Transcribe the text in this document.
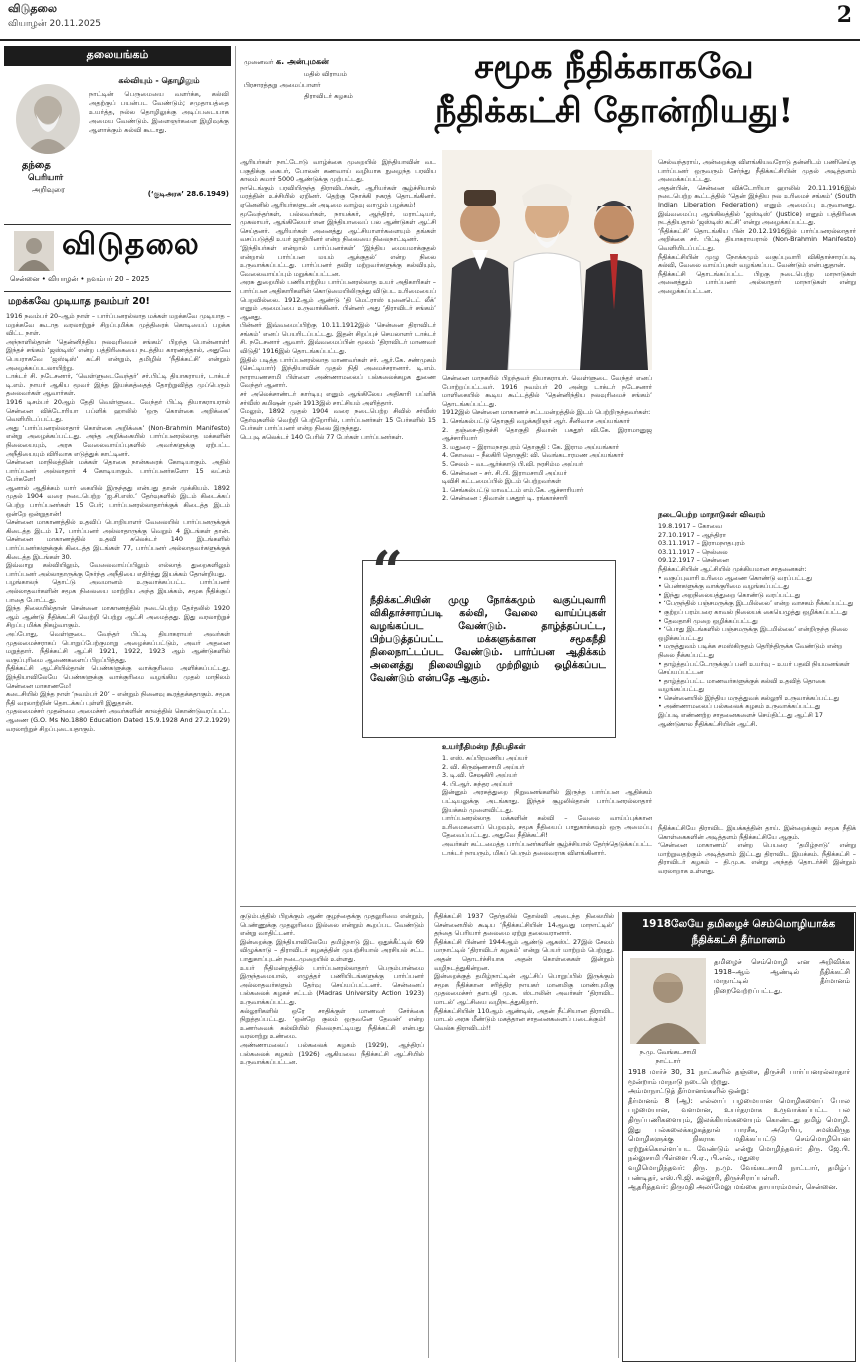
விடுதலை
வியாழன் 20.11.2025	2
தலையங்கம்
தந்தை
பெரியார்
அறிவுரை
கல்வியும் - தொழிலும்
நாட்டின் பெருமையை வளர்க்க, கல்வி அதற்குப் பயன்பட வேண்டும்; சமுதாயத்தை உயர்த்த, நல்ல தொழிலுக்கு அடிப்படையாக அமைய வேண்டும். இளைஞர்களை இழிவுக்கு ஆளாக்கும் கல்வி கூடாது.
(‘குடிஅரசு’ 28.6.1949)
விடுதலை
சென்னை • வியாழன் • நவம்பர் 20 – 2025
மறக்கவே முடியாத நவம்பர் 20!
1916 நவம்பர் 20–ஆம் நாள் – பார்ப்பனரல்லாத மக்கள் மறக்கவே முடியாத – மறக்கவே கூடாத வரலாற்றுச் சிறப்புமிக்க முத்திரைக் கொடியைப் பறக்க விட்ட நாள்.
அந்நாளில்தான் ‘தென்னிந்திய நலவுரிமைச் சங்கம்’ பிறந்த பொன்னாள்! இந்தச் சங்கம் ‘ஜஸ்டிஸ்’ என்ற பத்திரிகையை நடத்திய காரணத்தால், அதுவே பெயராகவே ‘ஜஸ்டிஸ்’ கட்சி என்றும், தமிழில் ‘நீதிக்கட்சி’ என்றும் அழைக்கப்படலாயிற்று.
டாக்டர் சி. நடேசனார், ‘வெள்ளுடைவேந்தர்’ சர்.பிட்டி தியாகராயர், டாக்டர் டி.எம். நாயர் ஆகிய மூவர் இந்த இயக்கத்தைத் தோற்றுவித்த முப்பெரும் தலைவர்கள் ஆவார்கள்.
1916 டிசம்பர் 20ஆம் தேதி வெள்ளுடை வேந்தர் பிட்டி தியாகராயரால் சென்னை விக்டோரியா பப்ளிக் ஹாலில் ‘ஒரு கொள்கை அறிக்கை’ வெளியிடப்பட்டது.
அது ‘பார்ப்பனரல்லாதார் கொள்கை அறிக்கை’ (Non-Brahmin Manifesto) என்று அழைக்கப்பட்டது. அந்த அறிக்கையில் பார்ப்பனரல்லாத மக்களின் நிலையையும், அரசு வேலைவாய்ப்புகளில் அவர்களுக்கு ஏற்பட்ட அநீதியையும் விரிவாக எடுத்துக் காட்டினர்.
சென்னை மாநிலத்தின் மக்கள் தொகை நான்கரைக் கோடியாகும். அதில் பார்ப்பனர் அல்லாதார் 4 கோடியாகும். பார்ப்பனர்களோ 15 லட்சம் பேர்களே!
ஆனால் ஆதிக்கம் யார் கையில் இருந்தது என்பது தான் முக்கியம். 1892 முதல் 1904 வரை நடைபெற்ற ‘ஐ.சி.எஸ்.’ தேர்வுகளில் இடம் கிடைக்கப் பெற்ற பார்ப்பனர்கள் 15 பேர்; பார்ப்பனரல்லாதார்க்குக் கிடைத்த இடம் ஒன்றே ஒன்றுதான்!
சென்னை மாகாணத்தில் உதவிப் பொறியாளர் வேலையில் பார்ப்பனருக்குக் கிடைத்த இடம் 17, பார்ப்பனர் அல்லாதாருக்கு வெறும் 4 இடங்கள் தான். சென்னை மாகாணத்தில் உதவி கலெக்டர் 140 இடங்களில் பார்ப்பனர்களுக்குக் கிடைத்த இடங்கள் 77, பார்ப்பனர் அல்லாதவர்களுக்குக் கிடைத்த இடங்கள் 30.
இவ்வாறு கல்வியிலும், வேலைவாய்ப்பிலும் எல்லாத் துறைகளிலும் பார்ப்பனர் அல்லாதாருக்கு நேர்ந்த அநீதியை எதிர்த்து இயக்கம் தோன்றியது.
பழங்காலந் தொட்டு அவமானம் உருவாக்கப்பட்ட பார்ப்பனர் அல்லாதவர்களின் சமூக நிலையை மாற்றிய அந்த இயக்கம், சமூக நீதிக்குப் பாதை போட்டது.
இந்த நிலையில்தான் சென்னை மாகாணத்தில் நடைபெற்ற தேர்தலில் 1920 ஆம் ஆண்டு நீதிக்கட்சி வெற்றி பெற்று ஆட்சி அமைத்தது. இது வரலாற்றுச் சிறப்பு மிக்க நிகழ்வாகும்.
அப்போது, வெள்ளுடை வேந்தர் பிட்டி தியாகராயர் அவர்கள் முதலமைச்சராகப் பொறுப்பேற்குமாறு அழைக்கப்பட்டும், அவர் அதனை மறுத்தார். நீதிக்கட்சி ஆட்சி 1921, 1922, 1923 ஆம் ஆண்டுகளில் வகுப்புரிமை ஆணைகளைப் பிறப்பித்தது.
நீதிக்கட்சி ஆட்சியில்தான் பெண்களுக்கு வாக்குரிமை அளிக்கப்பட்டது. இந்தியாவிலேயே பெண்களுக்கு வாக்குரிமை வழங்கிய முதல் மாநிலம் சென்னை மாகாணமே!
கடைசியில் இந்த நாள் ‘நவம்பர் 20’ – என்றும் நினைவு கூரத்தக்கதாகும். சமூக நீதி வரலாற்றின் தொடக்கப் புள்ளி இதுதான்.
முதலமைச்சர் முதன்மை அமைச்சர் அவர்களின் காலத்தில் கொண்டுவரப்பட்ட ஆணை (G.O. Ms No.1880 Education Dated 15.9.1928 And 27.2.1929) வரலாற்றுச் சிறப்புடையதாகும்.
முனைவர் க. அன்புமகன்
மதில் விராயம்
பிரசாரத்தறு அமைப்பாளர்
திராவிடர் கழகம்
சமூக நீதிக்காகவே
நீதிக்கட்சி தோன்றியது!
ஆரியர்கள் நாட்டோடு வாழ்க்கை முறையில் இந்தியாவின் வட பகுதிக்கு கைபர், போலன் கணவாய் வழியாக நுழைந்த பரவிய காலம் சுமார் 5000 ஆண்டுக்கு முற்பட்டது.
நாடெங்கும் பரவியிருந்த திராவிடர்கள், ஆரியர்கள் சூழ்ச்சியால் மரத்தின் உச்சியில் ஏறினர். தெற்கு நோக்கி நகரத் தொடங்கினர். ஏனெனில் ஆரியர்களுடன் அடிமை வாழ்வு வாழும் பழக்கம்!
மூவேந்தர்கள், பல்லவர்கள், நாயக்கர், ஆந்திரர், மராட்டியர், முகலாயர், ஆங்கிலேயர் என இந்தியாவைப் பல ஆண்டுகள் ஆட்சி செய்தனர். ஆரியர்கள் அனைத்து ஆட்சியாளர்களையும் தங்கள் வசப்படுத்தி உயர் ஜாதியினர் என்ற நிலையை நிலைநாட்டினர்.
‘இந்தியர்கள் என்றால் பார்ப்பனர்கள்’ ‘இந்திய மையமாக்குதல் என்றால் பார்ப்பன மயம் ஆக்குதல்’ என்ற நிலை உருவாக்கப்பட்டது. பார்ப்பனர் தவிர மற்றவர்களுக்கு கல்வியும், வேலைவாய்ப்பும் மறுக்கப்பட்டன.
அரசு துறையில் பணியாற்றிய பார்ப்பனரல்லாத உயர் அதிகாரிகள் – பார்ப்பன அதிகாரிகளின் கொடுமையிலிருந்து விடுபட உரிமையைப் பெறவில்லை. 1912ஆம் ஆண்டு ‘தி மெட்ராஸ் யுனைடெட் லீக்’ எனும் அமைப்பை உருவாக்கினர். பின்னர் அது ‘திராவிடர் சங்கம்’ ஆனது.
பின்னர் இவ்வமைப்பிற்கு 10.11.1912இல் ‘சென்னை திராவிடர் சங்கம்’ எனப் பெயரிடப்பட்டது. இதன் சிறப்புச் செயலாளர் டாக்டர் சி. நடேசனார் ஆவார். இவ்வமைப்பின் மூலம் ‘திராவிடர் மாணவர் விடுதி’ 1916இல் தொடங்கப்பட்டது.
இதில் படித்த பார்ப்பனரல்லாத மாணவர்கள் சர். ஆர்.கே. சண்முகம் (செட்டியார்) இந்தியாவின் முதல் நிதி அமைச்சரானார். டி.எம். நாராயணசாமி பிள்ளை அண்ணாமலைப் பல்கலைக்கழக துணை வேந்தர் ஆனார்.
சர் அலெக்சாண்டர் கார்டியு எனும் ஆங்கிலேய அதிகாரி பப்ளிக் சர்வீஸ் கமிஷன் முன் 1913இல் சாட்சியம் அளித்தார்.
மேலும், 1892 முதல் 1904 வரை நடைபெற்ற சிவில் சர்வீஸ் தேர்வுகளில் வெற்றி பெற்றோரில், பார்ப்பனர்கள் 15 பேர்களில் 15 பேர்கள் பார்ப்பனர் என்ற நிலை இருந்தது.
டெபுடி கலெக்டர் 140 பேரில் 77 பேர்கள் பார்ப்பனர்கள்.
சென்னை மாநகரில் பிறந்தவர் தியாகராயர். வெள்ளுடை வேந்தர் எனப் போற்றப்பட்டவர். 1916 நவம்பர் 20 அன்று டாக்டர் நடேசனார் மாளிகையில் கூடிய கூட்டத்தில் ‘தென்னிந்திய நலவுரிமைச் சங்கம்’ தொடங்கப்பட்டது.
1912இல் சென்னை மாகாணச் சட்டமன்றத்தில் இடம் பெற்றிருந்தவர்கள்:
1. செங்கல்பட்டு தொகுதி வழக்கறிஞர் ஆர். சீனிவாச அய்யங்கார்
2. தஞ்சை-திருச்சி தொகுதி திவான் பகதூர் வி.கே. இராமானுஜ ஆச்சாரியார்
3. மதுரை – இராமநாதபுரம் தொகுதி : கே. இராம அய்யங்கார்
4. கோவை – நீலகிரி தொகுதி: வி. வெங்கடாரமண அய்யங்கார்
5. சேலம் – வடஆர்க்காடு பி.வி. நரசிம்ம அய்யர்
6. சென்னை – சர். சி.பி. இராமசாமி அய்யர்
டிவிசி கட்டமைப்பில் இடம் பெற்றவர்கள்
1. செங்கல்பட்டு மாவட்டம் எம்.கே. ஆச்சாரியார்
2. சென்னை : திவான் பகதூர் டி. ரங்காச்சாரி
“
நீதிக்கட்சியின் முழு நோக்கமும் வகுப்புவாரி விகிதாச்சாரப்படி கல்வி, வேலை வாய்ப்புகள் வழங்கப்பட வேண்டும். தாழ்த்தப்பட்ட, பிற்படுத்தப்பட்ட மக்களுக்கான சமூகநீதி நிலைநாட்டப்பட வேண்டும். பார்ப்பன ஆதிக்கம் அனைத்து நிலையிலும் முற்றிலும் ஒழிக்கப்பட வேண்டும் என்பதே ஆகும்.
உயர்நீதிமன்ற நீதிபதிகள்
1. எஸ். சுப்பிரமணிய அய்யர்
2. வி. கிருஷ்ணசாமி அய்யர்
3. டி.வி. சேஷகிரி அய்யர்
4. பி.ஆர். சுந்தர அய்யர்
இன்னும் அரசுத்துறை நிறுவனங்களில் இருந்த பார்ப்பன ஆதிக்கம் பட்டியலுக்கு அடங்காது. இந்தச் சூழலில்தான் பார்ப்பனரல்லாதார் இயக்கம் முளைவிட்டது.
பார்ப்பனரல்லாத மக்களின் கல்வி – வேலை வாய்ப்புக்கான உரிமைகளைப் பெறவும், சமூக நீதியைப் பாதுகாக்கவும் ஒரு அமைப்பு தேவைப்பட்டது. அதுவே நீதிக்கட்சி!
அவர்கள் கட்டமைத்த பார்ப்பனர்களின் சூழ்ச்சியால் தேர்ந்தெடுக்கப்பட்ட டாக்டர் நாயரும், மிகப் பெரும் தலைவராக விளங்கினார்.
செல்வந்தராய், அன்றைக்கு விளங்கியவரோடு தன்னிடம் பணிசெய்த பார்ப்பனர் ஒருவரும் சேர்ந்து நீதிக்கட்சியின் முதல் அடித்தளம் அமைக்கப்பட்டது.
அதன்பின், சென்னை விக்டோரியா ஹாலில் 20.11.1916இல் நடைபெற்ற கூட்டத்தில் ‘தென் இந்திய நல உரிமைச் சங்கம்’ (South Indian Liberation Federation) எனும் அமைப்பு உருவானது. இவ்வமைப்பு ஆங்கிலத்தில் ‘ஜஸ்டிஸ்’ (Justice) எனும் பத்திரிகை நடத்தியதால் ‘ஜஸ்டிஸ் கட்சி’ என்று அழைக்கப்பட்டது.
‘நீதிக்கட்சி’ தொடங்கிய பின் 20.12.1916இல் பார்ப்பனரல்லாதார் அறிக்கை சர். பிட்டி தியாகராயரால் (Non-Brahmin Manifesto) வெளியிடப்பட்டது.
நீதிக்கட்சியின் முழு நோக்கமும் வகுப்புவாரி விகிதாச்சாரப்படி கல்வி, வேலை வாய்ப்புகள் வழங்கப்பட வேண்டும் என்பதுதான்.
நீதிக்கட்சி தொடங்கப்பட்ட பிறகு நடைபெற்ற மாநாடுகள் அனைத்தும் பார்ப்பனர் அல்லாதார் மாநாடுகள் என்று அழைக்கப்பட்டன.
நடைபெற்ற மாநாடுகள் விவரம்
19.8.1917 – கோவை
27.10.1917 – ஆந்திரா
03.11.1917 – இராமநாதபுரம்
03.11.1917 – நெல்லை
09.12.1917 – சென்னை
நீதிக்கட்சியின் ஆட்சியில் முக்கியமான சாதனைகள்:
• வகுப்புவாரி உரிமை ஆணை கொண்டு வரப்பட்டது
• பெண்களுக்கு வாக்குரிமை வழங்கப்பட்டது
• இந்து அறநிலையத்துறை கொண்டு வரப்பட்டது
• ‘பேருந்தில் பஞ்சமருக்கு இடமில்லை’ என்ற வாசகம் நீக்கப்பட்டது
• குற்றப் பரம்பரை காவல் நிலையக் கையெழுத்து ஒழிக்கப்பட்டது
• தேவதாசி முறை ஒழிக்கப்பட்டது
• ‘பொது இடங்களில் பஞ்சமருக்கு இடமில்லை’ என்றிருந்த நிலை ஒழிக்கப்பட்டது
• மருத்துவம் படிக்க சமஸ்கிருதம் தெரிந்திருக்க வேண்டும் என்ற நிலை நீக்கப்பட்டது
• தாழ்த்தப்பட்டோருக்குப் பனி உயர்வு – உயர் பதவி நியமனங்கள் செய்யப்பட்டன
• தாழ்த்தப்பட்ட மாணவர்களுக்குக் கல்வி உதவித் தொகை வழங்கப்பட்டது
• சென்னையில் இந்திய மருத்துவக் கல்லூரி உருவாக்கப்பட்டது
• அண்ணாமலைப் பல்கலைக் கழகம் உருவாக்கப்பட்டது
இப்படி எண்ணற்ற சாதனைகளைச் செய்திட்டது ஆட்சி 17 ஆண்டுகால நீதிக்கட்சியின் ஆட்சி.
நீதிக்கட்சியே திராவிட இயக்கத்தின் தாய். இன்றைக்கும் சமூக நீதிக் கொள்கைகளின் அடித்தளம் நீதிக்கட்சியே ஆகும்.
‘சென்னை மாகாணம்’ என்ற பெயரை ‘தமிழ்நாடு’ என்று மாற்றுவதற்கும் அடித்தளம் இட்டது திராவிட இயக்கம். நீதிக்கட்சி – திராவிடர் கழகம் – தி.மு.க. என்று அந்தத் தொடர்ச்சி இன்றும் வரலாறாக உள்ளது.
குடும்பத்தில் பிறக்கும் ஆண் குழந்தைக்கு முதலுரிமை என்றும், பெண்ணுக்கு முதலுரிமை இல்லை என்றும் கூறப்பட வேண்டும் என்று வாதிட்டனர்.
இன்றைக்கு இந்தியாவிலேயே தமிழ்நாடு இட ஒதுக்கீட்டில் 69 விழுக்காடு – திராவிடர் கழகத்தின் முயற்சியால் அரசியல் சட்ட பாதுகாப்புடன் நடைமுறையில் உள்ளது.
உயர் நீதிமன்றத்தில் பார்ப்பனரல்லாதார் பெரும்பான்மை இருந்தமையால், எழுத்தர் பணியிடங்களுக்கு பார்ப்பனர் அல்லாதவர்களும் தேர்வு செய்யப்பட்டனர். சென்னைப் பல்கலைக் கழகச் சட்டம் (Madras University Action 1923) உருவாக்கப்பட்டது.
கல்லூரிகளில் ஒரே சாதிக்குள் மாணவர் சேர்க்கை நிறுத்தப்பட்டது. ‘ஒன்றே குலம் ஒருவனே தேவன்’ என்ற உணர்வைக் கல்வியில் நிலைநாட்டியது நீதிக்கட்சி என்பது வரலாற்று உண்மை.
அண்ணாமலைப் பல்கலைக் கழகம் (1929), ஆந்திரப் பல்கலைக் கழகம் (1926) ஆகியவை நீதிக்கட்சி ஆட்சியில் உருவாக்கப்பட்டன.
நீதிக்கட்சி 1937 தேர்தலில் தோல்வி அடைந்த நிலையில் சென்னையில் கூடிய ‘நீதிக்கட்சியின் 14ஆவது மாநாட்டில்’ தந்தை பெரியார் தலைமை ஏற்று தலைவரானார்.
நீதிக்கட்சி பின்னர் 1944ஆம் ஆண்டு ஆகஸ்ட் 27இல் சேலம் மாநாட்டில் ‘திராவிடர் கழகம்’ என்று பெயர் மாற்றம் பெற்றது. அதன் தொடர்ச்சியாக அதன் கொள்கைகள் இன்றும் வழிநடத்துகின்றன.
இன்றைக்குத் தமிழ்நாட்டின் ஆட்சிப் பொறுப்பில் இருக்கும் சமூக நீதிக்கான சரித்திர நாயகர் மானமிகு மாண்புமிகு முதலமைச்சர் தளபதி மு.க. ஸ்டாலின் அவர்கள் ‘திராவிட மாடல்’ ஆட்சியை வழிநடத்துகிறார்.
நீதிக்கட்சியின் 110ஆம் ஆண்டில், அதன் நீட்சியான திராவிட மாடல் அரசு மீண்டும் மகத்தான சாதனைகளைப் படைக்கும்!
வெல்க திராவிடம்!!
1918லேயே தமிழைச் செம்மொழியாக்க நீதிக்கட்சி தீர்மானம்
ந.மு. வேங்கடசாமி
நாட்டார்
தமிழைச் செம்மொழி என அறிவிக்க 1918–ஆம் ஆண்டில் நீதிக்கட்சி மாநாட்டில் தீர்மானம் நிறைவேற்றப்பட்டது.
1918 மார்ச் 30, 31 நாட்களில் தஞ்சை, திருச்சி பார்ப்பனரல்லாதார் மூன்றாம் மாநாடு நடைபெற்றது.
அம்மாநாட்டுத் தீர்மானங்களில் ஒன்று:
தீர்மானம் 8 (ஆ): எல்லாப் பழமையான மொழிகளைப் போல பழமையான, வளமான, உயர்தரமாக உருவாக்கப்பட்ட பல திருப்பணிகளையும், இலக்கியங்களையும் கொண்டது தமிழ் மொழி. இது பல்கலைக்கழகத்தால் பாரசீக, அரேபிய, சமஸ்கிருத மொழிகளுக்கு நிகராக மதிக்கப்பட்டு செம்மொழியென ஏற்றுக்கொள்ளப்பட வேண்டும் என்று மொழிந்தவர்: திரு. ஜே.பி. நல்லுசாமி பிள்ளை பி.ஏ., பி.எல்., மதுரை
வழிமொழிந்தவர்: திரு. ந.மு. வேங்கடசாமி நாட்டார், தமிழ்ப் பண்டிதர், எஸ்.பி.ஜி. கல்லூரி, திருச்சிராப்பள்ளி.
ஆதரித்தவர்: திருமதி அலர்மேலு மங்கை தாயாரம்மாள், சென்னை.
